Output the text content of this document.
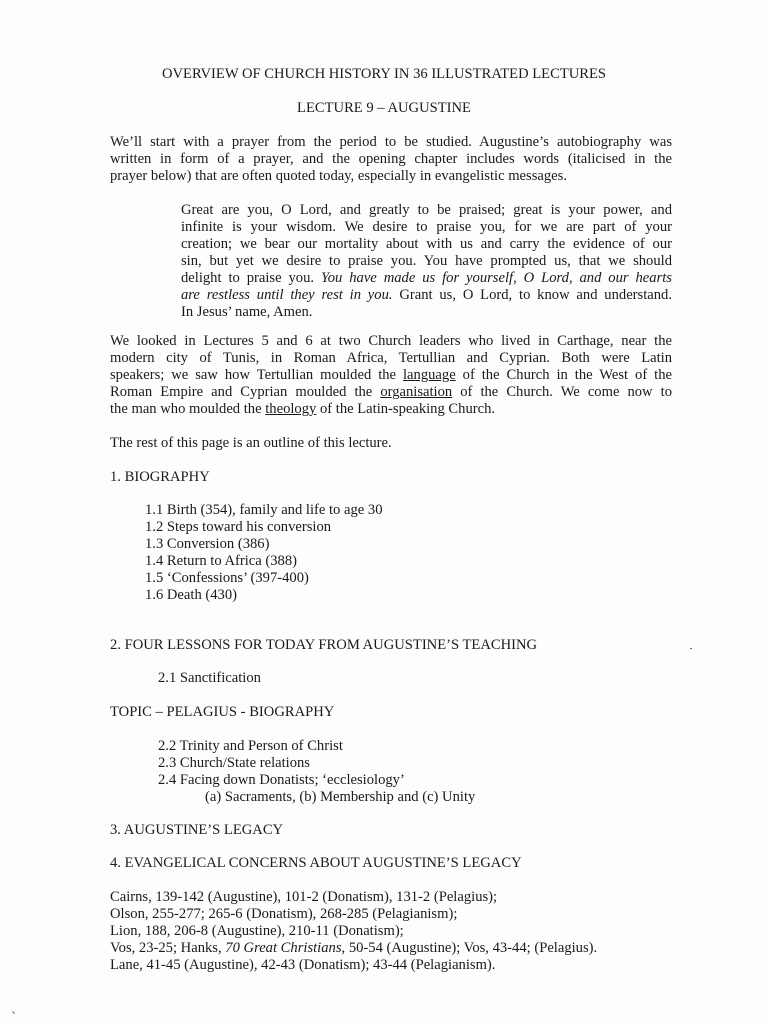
OVERVIEW OF CHURCH HISTORY IN 36 ILLUSTRATED LECTURES
LECTURE 9 – AUGUSTINE
We’ll start with a prayer from the period to be studied. Augustine’s autobiography was
written in form of a prayer, and the opening chapter includes words (italicised in the
prayer below) that are often quoted today, especially in evangelistic messages.
Great are you, O Lord, and greatly to be praised; great is your power, and
infinite is your wisdom. We desire to praise you, for we are part of your
creation; we bear our mortality about with us and carry the evidence of our
sin, but yet we desire to praise you. You have prompted us, that we should
delight to praise you. You have made us for yourself, O Lord, and our hearts
are restless until they rest in you. Grant us, O Lord, to know and understand.
In Jesus’ name, Amen.
We looked in Lectures 5 and 6 at two Church leaders who lived in Carthage, near the
modern city of Tunis, in Roman Africa, Tertullian and Cyprian. Both were Latin
speakers; we saw how Tertullian moulded the language of the Church in the West of the
Roman Empire and Cyprian moulded the organisation of the Church. We come now to
the man who moulded the theology of the Latin-speaking Church.
The rest of this page is an outline of this lecture.
1. BIOGRAPHY
1.1 Birth (354), family and life to age 30
1.2 Steps toward his conversion
1.3 Conversion (386)
1.4 Return to Africa (388)
1.5 ‘Confessions’ (397-400)
1.6 Death (430)
2. FOUR LESSONS FOR TODAY FROM AUGUSTINE’S TEACHING
2.1 Sanctification
TOPIC – PELAGIUS - BIOGRAPHY
2.2 Trinity and Person of Christ
2.3 Church/State relations
2.4 Facing down Donatists; ‘ecclesiology’
(a) Sacraments, (b) Membership and (c) Unity
3. AUGUSTINE’S LEGACY
4. EVANGELICAL CONCERNS ABOUT AUGUSTINE’S LEGACY
Cairns, 139-142 (Augustine), 101-2 (Donatism), 131-2 (Pelagius);
Olson, 255-277; 265-6 (Donatism), 268-285 (Pelagianism);
Lion, 188, 206-8 (Augustine), 210-11 (Donatism);
Vos, 23-25; Hanks, 70 Great Christians, 50-54 (Augustine); Vos, 43-44; (Pelagius).
Lane, 41-45 (Augustine), 42-43 (Donatism); 43-44 (Pelagianism).
